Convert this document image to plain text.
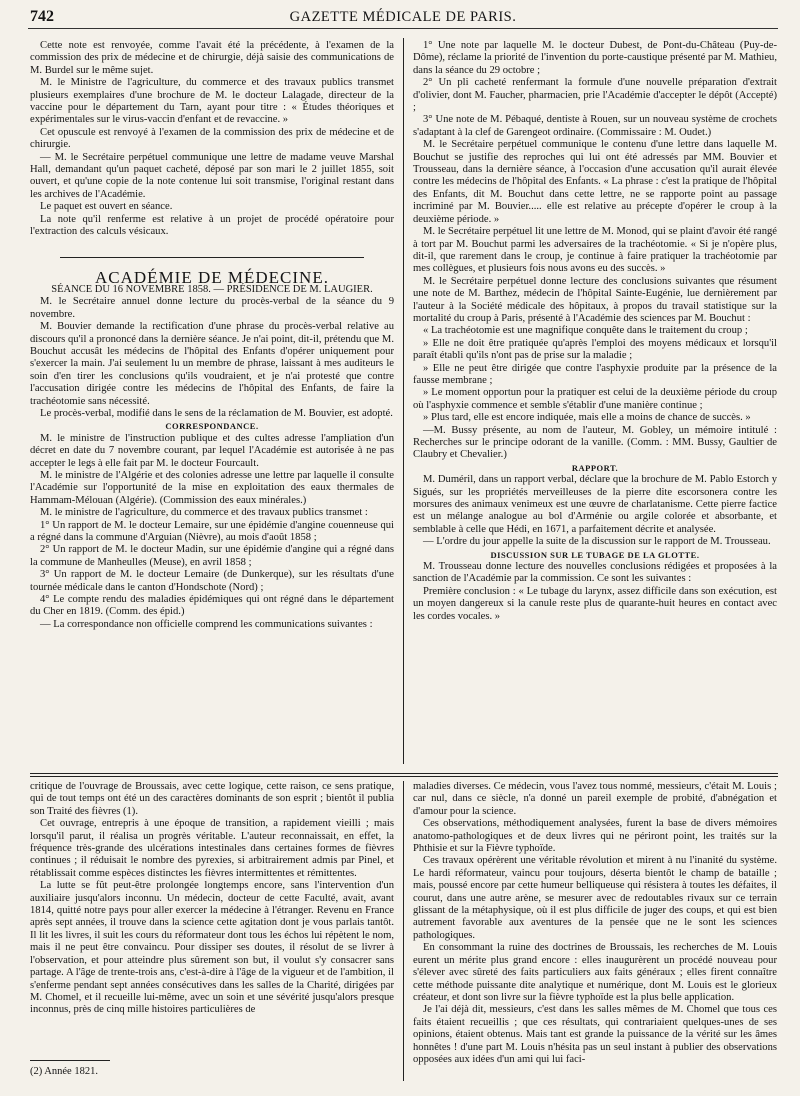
742	GAZETTE MÉDICALE DE PARIS.

Cette note est renvoyée, comme l'avait été la précédente, à l'examen de la commission des prix de médecine et de chirurgie, déjà saisie des communications de M. Burdel sur le même sujet.

M. le Ministre de l'agriculture, du commerce et des travaux publics transmet plusieurs exemplaires d'une brochure de M. le docteur Lalagade, directeur de la vaccine pour le département du Tarn, ayant pour titre : « Études théoriques et expérimentales sur le virus-vaccin d'enfant et de revaccine. »

Cet opuscule est renvoyé à l'examen de la commission des prix de médecine et de chirurgie.

— M. le Secrétaire perpétuel communique une lettre de madame veuve Marshal Hall, demandant qu'un paquet cacheté, déposé par son mari le 2 juillet 1855, soit ouvert, et qu'une copie de la note contenue lui soit transmise, l'original restant dans les archives de l'Académie.

Le paquet est ouvert en séance.

La note qu'il renferme est relative à un projet de procédé opératoire pour l'extraction des calculs vésicaux.

ACADÉMIE DE MÉDECINE.

SÉANCE DU 16 NOVEMBRE 1858. — PRÉSIDENCE DE M. LAUGIER.

M. le Secrétaire annuel donne lecture du procès-verbal de la séance du 9 novembre.

M. Bouvier demande la rectification d'une phrase du procès-verbal relative au discours qu'il a prononcé dans la dernière séance. Je n'ai point, dit-il, prétendu que M. Bouchut accusât les médecins de l'hôpital des Enfants d'opérer uniquement pour s'exercer la main. J'ai seulement lu un membre de phrase, laissant à mes auditeurs le soin d'en tirer les conclusions qu'ils voudraient, et je n'ai protesté que contre l'accusation dirigée contre les médecins de l'hôpital des Enfants, de faire la trachéotomie sans nécessité.

Le procès-verbal, modifié dans le sens de la réclamation de M. Bouvier, est adopté.

CORRESPONDANCE.

M. le ministre de l'instruction publique et des cultes adresse l'ampliation d'un décret en date du 7 novembre courant, par lequel l'Académie est autorisée à ne pas accepter le legs à elle fait par M. le docteur Fourcault.

M. le ministre de l'Algérie et des colonies adresse une lettre par laquelle il consulte l'Académie sur l'opportunité de la mise en exploitation des eaux thermales de Hammam-Mélouan (Algérie). (Commission des eaux minérales.)

M. le ministre de l'agriculture, du commerce et des travaux publics transmet :

1° Un rapport de M. le docteur Lemaire, sur une épidémie d'angine couenneuse qui a régné dans la commune d'Arguian (Nièvre), au mois d'août 1858 ;

2° Un rapport de M. le docteur Madin, sur une épidémie d'angine qui a régné dans la commune de Manheulles (Meuse), en avril 1858 ;

3° Un rapport de M. le docteur Lemaire (de Dunkerque), sur les résultats d'une tournée médicale dans le canton d'Hondschote (Nord) ;

4° Le compte rendu des maladies épidémiques qui ont régné dans le département du Cher en 1819. (Comm. des épid.)

— La correspondance non officielle comprend les communications suivantes :

1° Une note par laquelle M. le docteur Dubest, de Pont-du-Château (Puy-de-Dôme), réclame la priorité de l'invention du porte-caustique présenté par M. Mathieu, dans la séance du 29 octobre ;

2° Un pli cacheté renfermant la formule d'une nouvelle préparation d'extrait d'olivier, dont M. Faucher, pharmacien, prie l'Académie d'accepter le dépôt (Accepté) ;

3° Une note de M. Pébaqué, dentiste à Rouen, sur un nouveau système de crochets s'adaptant à la clef de Garengeot ordinaire. (Commissaire : M. Oudet.)

M. le Secrétaire perpétuel communique le contenu d'une lettre dans laquelle M. Bouchut se justifie des reproches qui lui ont été adressés par MM. Bouvier et Trousseau, dans la dernière séance, à l'occasion d'une accusation qu'il aurait élevée contre les médecins de l'hôpital des Enfants. « La phrase : c'est la pratique de l'hôpital des Enfants, dit M. Bouchut dans cette lettre, ne se rapporte point au passage incriminé par M. Bouvier..... elle est relative au précepte d'opérer le croup à la deuxième période. »

M. le Secrétaire perpétuel lit une lettre de M. Monod, qui se plaint d'avoir été rangé à tort par M. Bouchut parmi les adversaires de la trachéotomie. « Si je n'opère plus, dit-il, que rarement dans le croup, je continue à faire pratiquer la trachéotomie par mes collègues, et plusieurs fois nous avons eu des succès. »

M. le Secrétaire perpétuel donne lecture des conclusions suivantes que résument une note de M. Barthez, médecin de l'hôpital Sainte-Eugénie, lue dernièrement par l'auteur à la Société médicale des hôpitaux, à propos du travail statistique sur la mortalité du croup à Paris, présenté à l'Académie des sciences par M. Bouchut :

« La trachéotomie est une magnifique conquête dans le traitement du croup ;

» Elle ne doit être pratiquée qu'après l'emploi des moyens médicaux et lorsqu'il paraît établi qu'ils n'ont pas de prise sur la maladie ;

» Elle ne peut être dirigée que contre l'asphyxie produite par la présence de la fausse membrane ;

» Le moment opportun pour la pratiquer est celui de la deuxième période du croup où l'asphyxie commence et semble s'établir d'une manière continue ;

» Plus tard, elle est encore indiquée, mais elle a moins de chance de succès. »

—M. Bussy présente, au nom de l'auteur, M. Gobley, un mémoire intitulé : Recherches sur le principe odorant de la vanille. (Comm. : MM. Bussy, Gaultier de Claubry et Chevalier.)

RAPPORT.

M. Duméril, dans un rapport verbal, déclare que la brochure de M. Pablo Estorch y Sigués, sur les propriétés merveilleuses de la pierre dite escorsonera contre les morsures des animaux venimeux est une œuvre de charlatanisme. Cette pierre factice est un mélange analogue au bol d'Arménie ou argile colorée et absorbante, et semblable à celle que Hédi, en 1671, a parfaitement décrite et analysée.

— L'ordre du jour appelle la suite de la discussion sur le rapport de M. Trousseau.

DISCUSSION SUR LE TUBAGE DE LA GLOTTE.

M. Trousseau donne lecture des nouvelles conclusions rédigées et proposées à la sanction de l'Académie par la commission. Ce sont les suivantes :

Première conclusion : « Le tubage du larynx, assez difficile dans son exécution, est un moyen dangereux si la canule reste plus de quarante-huit heures en contact avec les cordes vocales. »

critique de l'ouvrage de Broussais, avec cette logique, cette raison, ce sens pratique, qui de tout temps ont été un des caractères dominants de son esprit ; bientôt il publia son Traité des fièvres (1).

Cet ouvrage, entrepris à une époque de transition, a rapidement vieilli ; mais lorsqu'il parut, il réalisa un progrès véritable. L'auteur reconnaissait, en effet, la fréquence très-grande des ulcérations intestinales dans certaines formes de fièvres continues ; il réduisait le nombre des pyrexies, si arbitrairement admis par Pinel, et rétablissait comme espèces distinctes les fièvres intermittentes et rémittentes.

La lutte se fût peut-être prolongée longtemps encore, sans l'intervention d'un auxiliaire jusqu'alors inconnu. Un médecin, docteur de cette Faculté, avait, avant 1814, quitté notre pays pour aller exercer la médecine à l'étranger. Revenu en France après sept années, il trouve dans la science cette agitation dont je vous parlais tantôt. Il lit les livres, il suit les cours du réformateur dont tous les échos lui répètent le nom, mais il ne peut être convaincu. Pour dissiper ses doutes, il résolut de se livrer à l'observation, et pour atteindre plus sûrement son but, il voulut s'y consacrer sans partage. A l'âge de trente-trois ans, c'est-à-dire à l'âge de la vigueur et de l'ambition, il s'enferme pendant sept années consécutives dans les salles de la Charité, dirigées par M. Chomel, et il recueille lui-même, avec un soin et une sévérité jusqu'alors presque inconnus, près de cinq mille histoires particulières de

(2) Année 1821.

maladies diverses. Ce médecin, vous l'avez tous nommé, messieurs, c'était M. Louis ; car nul, dans ce siècle, n'a donné un pareil exemple de probité, d'abnégation et d'amour pour la science.

Ces observations, méthodiquement analysées, furent la base de divers mémoires anatomo-pathologiques et de deux livres qui ne périront point, les traités sur la Phthisie et sur la Fièvre typhoïde.

Ces travaux opérèrent une véritable révolution et mirent à nu l'inanité du système. Le hardi réformateur, vaincu pour toujours, déserta bientôt le champ de bataille ; mais, poussé encore par cette humeur belliqueuse qui résistera à toutes les défaites, il courut, dans une autre arène, se mesurer avec de redoutables rivaux sur ce terrain glissant de la métaphysique, où il est plus difficile de juger des coups, et qui est bien autrement favorable aux aventures de la pensée que ne le sont les sciences pathologiques.

En consommant la ruine des doctrines de Broussais, les recherches de M. Louis eurent un mérite plus grand encore : elles inaugurèrent un procédé nouveau pour s'élever avec sûreté des faits particuliers aux faits généraux ; elles firent connaître cette méthode puissante dite analytique et numérique, dont M. Louis est le glorieux créateur, et dont son livre sur la fièvre typhoïde est la plus belle application.

Je l'ai déjà dit, messieurs, c'est dans les salles mêmes de M. Chomel que tous ces faits étaient recueillis ; que ces résultats, qui contrariaient quelques-unes de ses opinions, étaient obtenus. Mais tant est grande la puissance de la vérité sur les âmes honnêtes ! d'une part M. Louis n'hésita pas un seul instant à publier des observations opposées aux idées d'un ami qui lui faci-
